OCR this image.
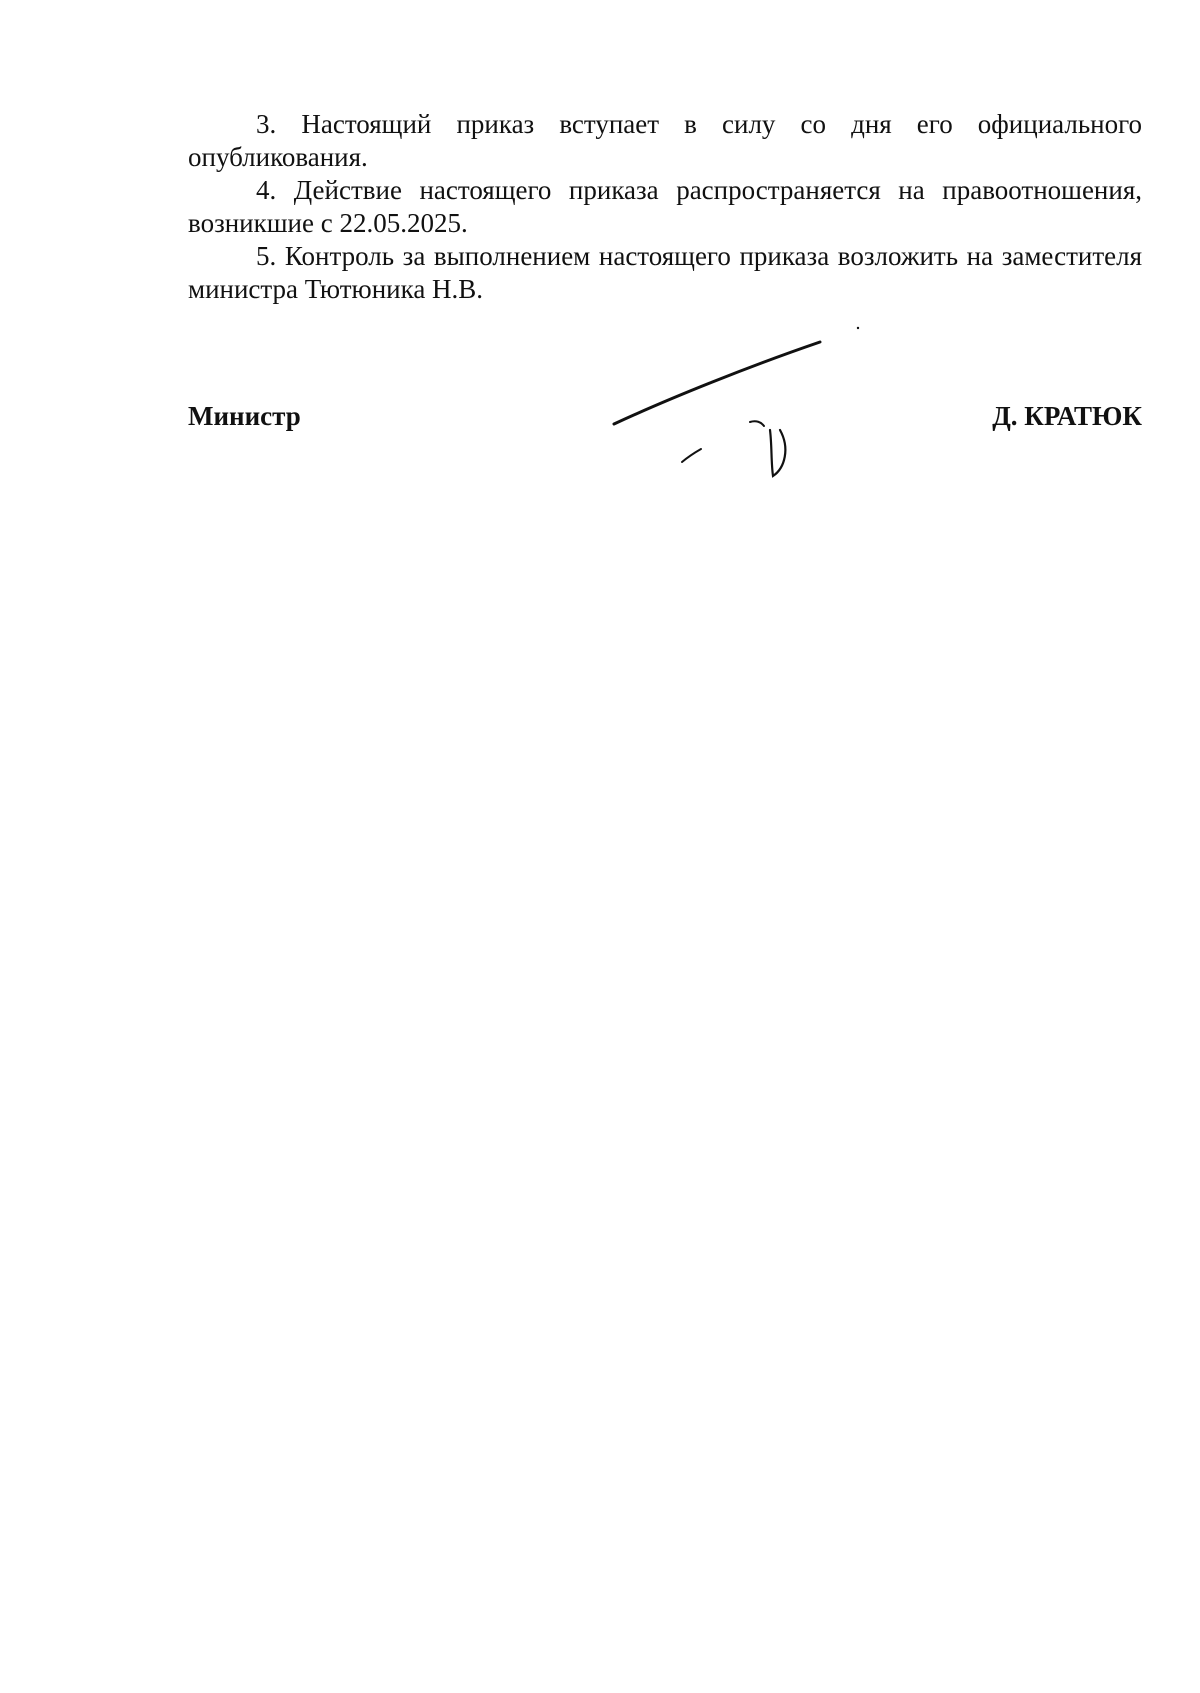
3. Настоящий приказ вступает в силу со дня его официального опубликования.

4. Действие настоящего приказа распространяется на правоотношения, возникшие с 22.05.2025.

5. Контроль за выполнением настоящего приказа возложить на заместителя министра Тютюника Н.В.

Министр	Д. КРАТЮК
